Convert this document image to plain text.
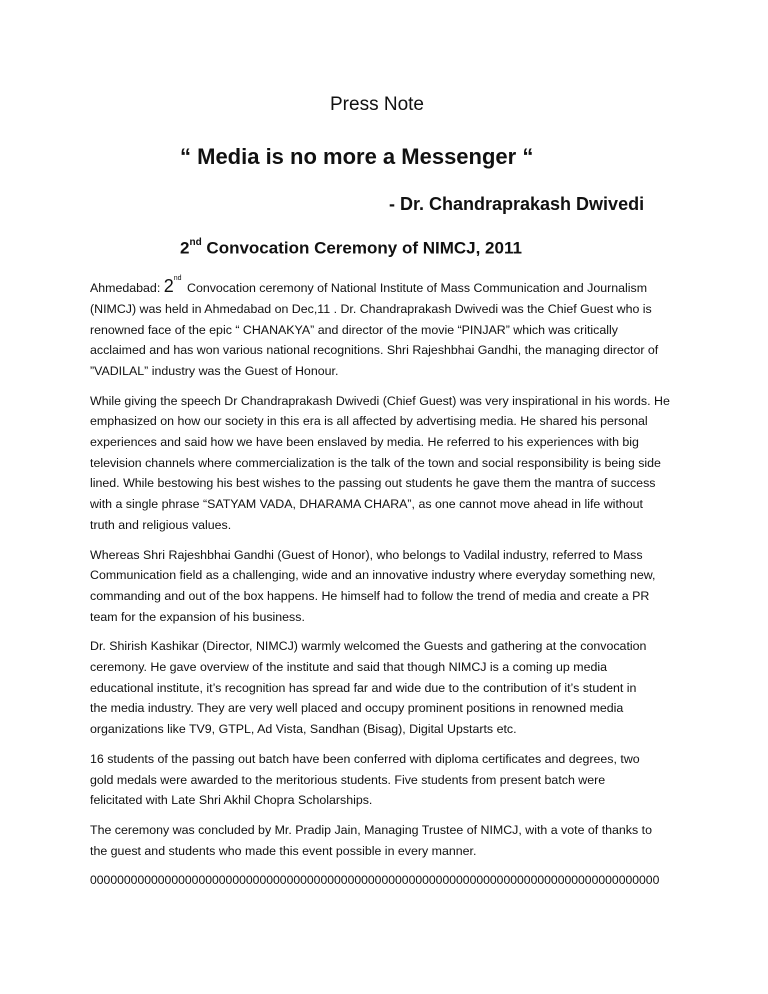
Press Note
“ Media is no more a Messenger “
- Dr. Chandraprakash Dwivedi
2nd Convocation Ceremony of NIMCJ, 2011
Ahmedabad: 2nd Convocation ceremony of National Institute of Mass Communication and Journalism
(NIMCJ) was held in Ahmedabad on Dec,11 . Dr. Chandraprakash Dwivedi was the Chief Guest who is
renowned face of the epic “ CHANAKYA” and director of the movie “PINJAR” which was critically
acclaimed and has won various national recognitions. Shri Rajeshbhai Gandhi, the managing director of
”VADILAL” industry was the Guest of Honour.
While giving the speech Dr Chandraprakash Dwivedi (Chief Guest) was very inspirational in his words. He
emphasized on how our society in this era is all affected by advertising media. He shared his personal
experiences and said how we have been enslaved by media. He referred to his experiences with big
television channels where commercialization is the talk of the town and social responsibility is being side
lined. While bestowing his best wishes to the passing out students he gave them the mantra of success
with a single phrase “SATYAM VADA, DHARAMA CHARA”, as one cannot move ahead in life without
truth and religious values.
Whereas Shri Rajeshbhai Gandhi (Guest of Honor), who belongs to Vadilal industry, referred to Mass
Communication field as a challenging, wide and an innovative industry where everyday something new,
commanding and out of the box happens. He himself had to follow the trend of media and create a PR
team for the expansion of his business.
Dr. Shirish Kashikar (Director, NIMCJ) warmly welcomed the Guests and gathering at the convocation
ceremony. He gave overview of the institute and said that though NIMCJ is a coming up media
educational institute, it’s recognition has spread far and wide due to the contribution of it’s student in
the media industry. They are very well placed and occupy prominent positions in renowned media
organizations like TV9, GTPL, Ad Vista, Sandhan (Bisag), Digital Upstarts etc.
16 students of the passing out batch have been conferred with diploma certificates and degrees, two
gold medals were awarded to the meritorious students. Five students from present batch were
felicitated with Late Shri Akhil Chopra Scholarships.
The ceremony was concluded by Mr. Pradip Jain, Managing Trustee of NIMCJ, with a vote of thanks to
the guest and students who made this event possible in every manner.
000000000000000000000000000000000000000000000000000000000000000000000000000000000000
